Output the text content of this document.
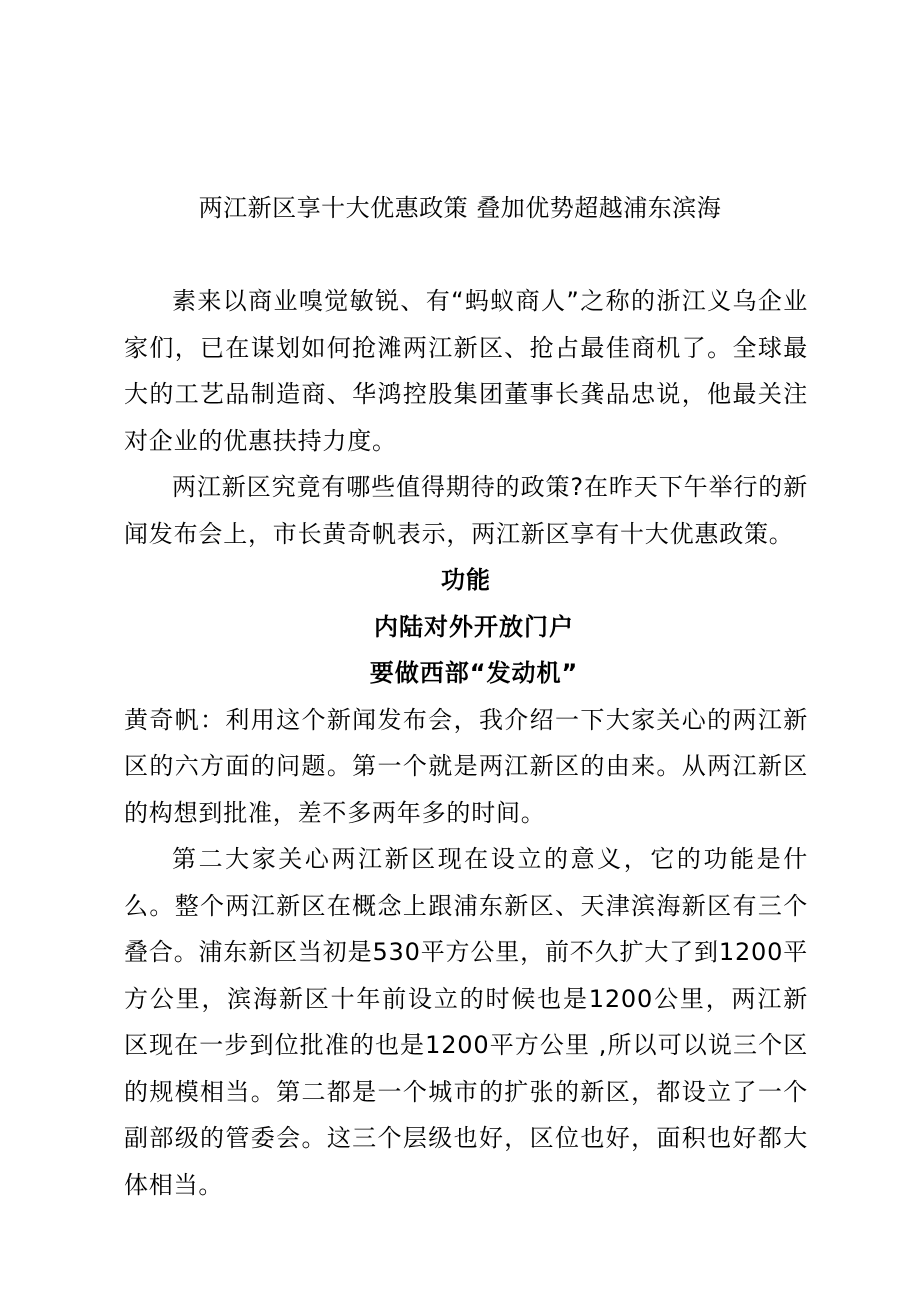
两江新区享十大优惠政策 叠加优势超越浦东滨海

素来以商业嗅觉敏锐、有“蚂蚁商人”之称的浙江义乌企业家们，已在谋划如何抢滩两江新区、抢占最佳商机了。全球最大的工艺品制造商、华鸿控股集团董事长龚品忠说，他最关注对企业的优惠扶持力度。

两江新区究竟有哪些值得期待的政策?在昨天下午举行的新闻发布会上，市长黄奇帆表示，两江新区享有十大优惠政策。

功能
内陆对外开放门户
要做西部“发动机”

黄奇帆：利用这个新闻发布会，我介绍一下大家关心的两江新区的六方面的问题。第一个就是两江新区的由来。从两江新区的构想到批准，差不多两年多的时间。

第二大家关心两江新区现在设立的意义，它的功能是什么。整个两江新区在概念上跟浦东新区、天津滨海新区有三个叠合。浦东新区当初是530平方公里，前不久扩大了到1200平方公里，滨海新区十年前设立的时候也是1200公里，两江新区现在一步到位批准的也是1200平方公里 ,所以可以说三个区的规模相当。第二都是一个城市的扩张的新区，都设立了一个副部级的管委会。这三个层级也好，区位也好，面积也好都大体相当。
